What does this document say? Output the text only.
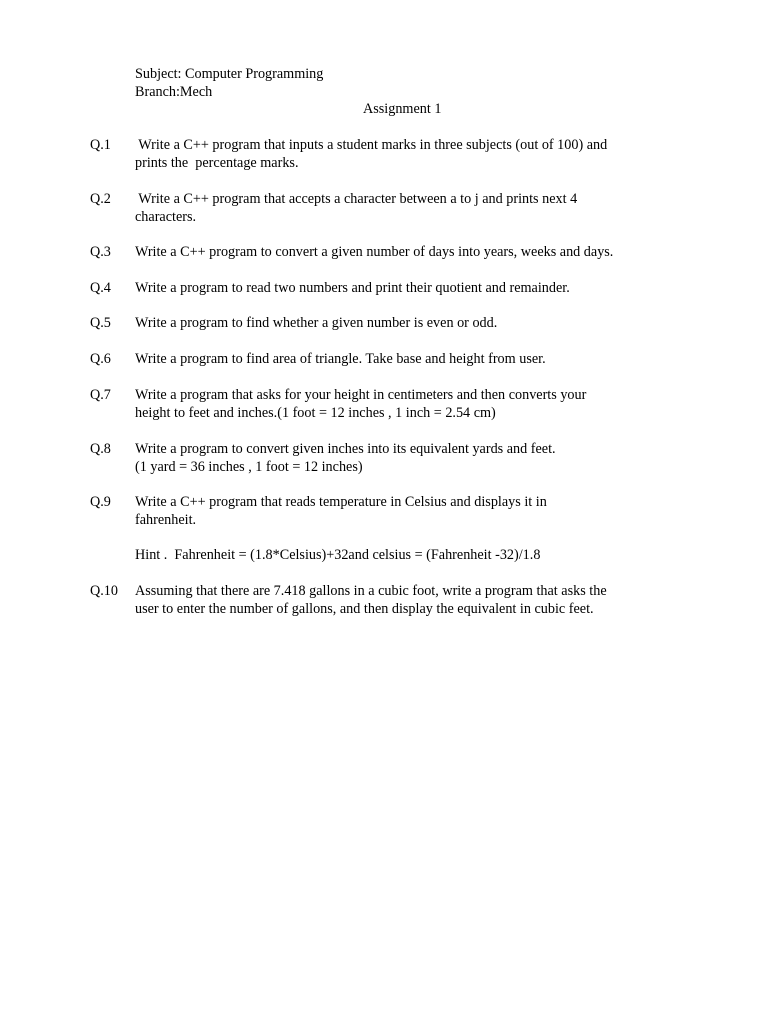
Subject: Computer Programming
Branch:Mech
Assignment 1
Q.1 Write a C++ program that inputs a student marks in three subjects (out of 100) and
prints the  percentage marks.
Q.2 Write a C++ program that accepts a character between a to j and prints next 4
characters.
Q.3 Write a C++ program to convert a given number of days into years, weeks and days.
Q.4 Write a program to read two numbers and print their quotient and remainder.
Q.5 Write a program to find whether a given number is even or odd.
Q.6 Write a program to find area of triangle. Take base and height from user.
Q.7 Write a program that asks for your height in centimeters and then converts your
height to feet and inches.(1 foot = 12 inches , 1 inch = 2.54 cm)
Q.8 Write a program to convert given inches into its equivalent yards and feet.
(1 yard = 36 inches , 1 foot = 12 inches)
Q.9 Write a C++ program that reads temperature in Celsius and displays it in
fahrenheit.
Hint .  Fahrenheit = (1.8*Celsius)+32and celsius = (Fahrenheit -32)/1.8
Q.10 Assuming that there are 7.418 gallons in a cubic foot, write a program that asks the
user to enter the number of gallons, and then display the equivalent in cubic feet.
